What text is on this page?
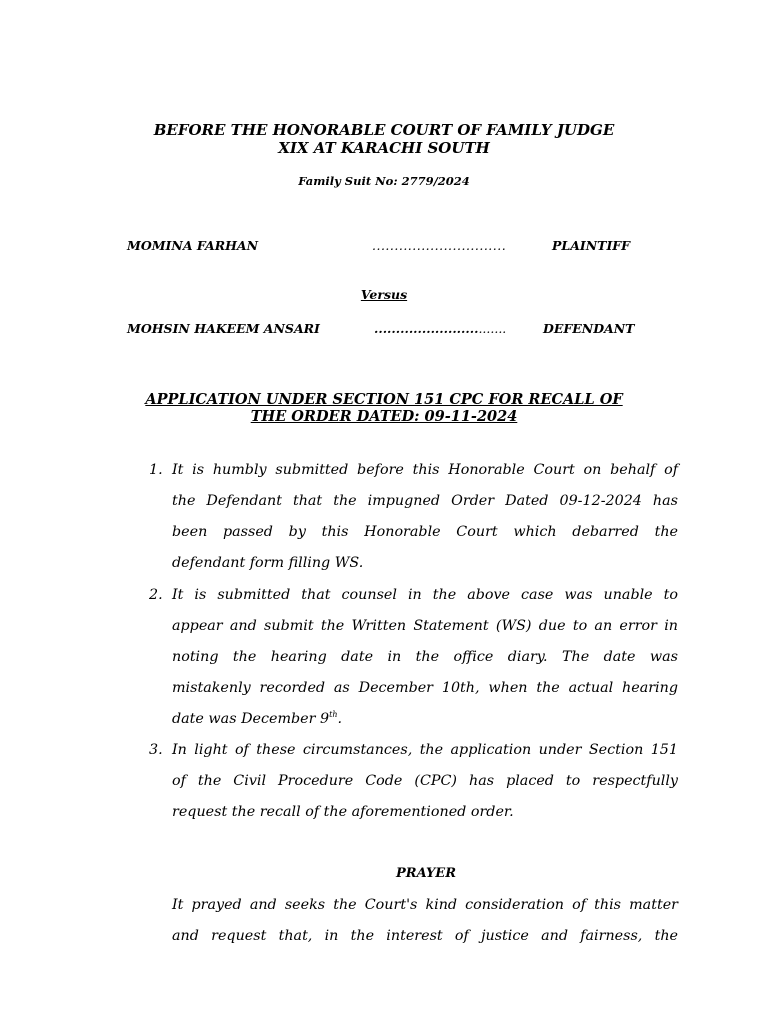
BEFORE THE HONORABLE COURT OF FAMILY JUDGE
XIX AT KARACHI SOUTH
Family Suit No: 2779/2024
MOMINA FARHAN	..............................	PLAINTIFF
Versus
MOHSIN HAKEEM ANSARI	...............................	DEFENDANT
APPLICATION UNDER SECTION 151 CPC FOR RECALL OF
THE ORDER DATED: 09-11-2024
1. It is humbly submitted before this Honorable Court on behalf of
the Defendant that the impugned Order Dated 09-12-2024 has
been passed by this Honorable Court which debarred the
defendant form filling WS.
2. It is submitted that counsel in the above case was unable to
appear and submit the Written Statement (WS) due to an error in
noting the hearing date in the office diary. The date was
mistakenly recorded as December 10th, when the actual hearing
date was December 9th.
3. In light of these circumstances, the application under Section 151
of the Civil Procedure Code (CPC) has placed to respectfully
request the recall of the aforementioned order.
PRAYER
It prayed and seeks the Court's kind consideration of this matter
and request that, in the interest of justice and fairness, the
